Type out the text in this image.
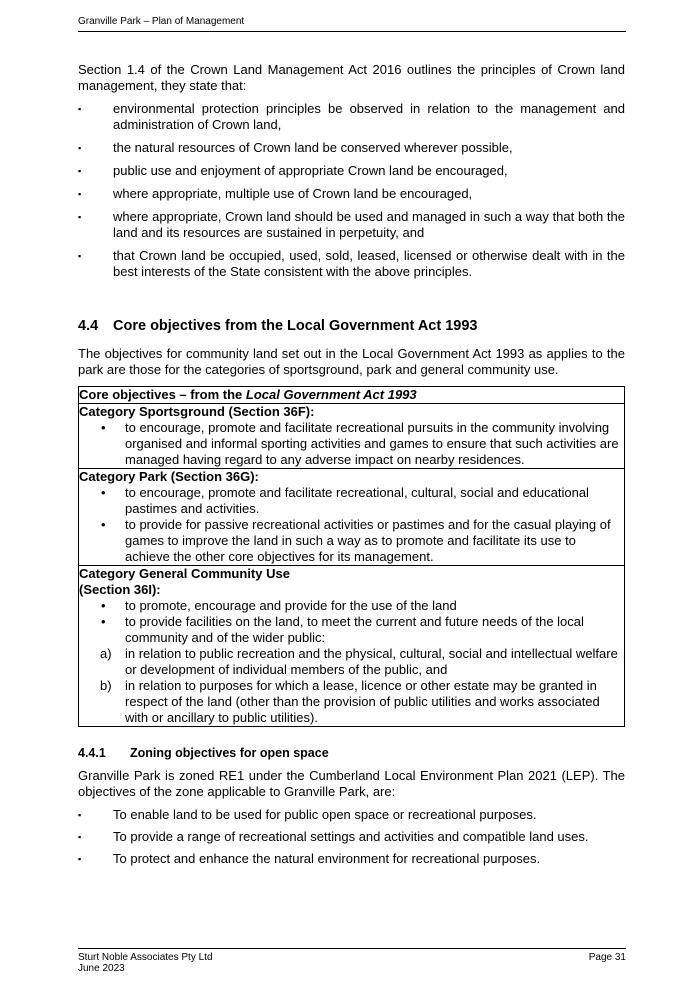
Granville Park – Plan of Management

Section 1.4 of the Crown Land Management Act 2016 outlines the principles of Crown land management, they state that:

▪	environmental protection principles be observed in relation to the management and administration of Crown land,
▪	the natural resources of Crown land be conserved wherever possible,
▪	public use and enjoyment of appropriate Crown land be encouraged,
▪	where appropriate, multiple use of Crown land be encouraged,
▪	where appropriate, Crown land should be used and managed in such a way that both the land and its resources are sustained in perpetuity, and
▪	that Crown land be occupied, used, sold, leased, licensed or otherwise dealt with in the best interests of the State consistent with the above principles.
4.4 Core objectives from the Local Government Act 1993

The objectives for community land set out in the Local Government Act 1993 as applies to the park are those for the categories of sportsground, park and general community use.

Core objectives – from the Local Government Act 1993

Category Sportsground (Section 36F):
• to encourage, promote and facilitate recreational pursuits in the community involving organised and informal sporting activities and games to ensure that such activities are managed having regard to any adverse impact on nearby residences.

Category Park (Section 36G):
• to encourage, promote and facilitate recreational, cultural, social and educational pastimes and activities.
• to provide for passive recreational activities or pastimes and for the casual playing of games to improve the land in such a way as to promote and facilitate its use to achieve the other core objectives for its management.

Category General Community Use (Section 36I):
• to promote, encourage and provide for the use of the land
• to provide facilities on the land, to meet the current and future needs of the local community and of the wider public:
a) in relation to public recreation and the physical, cultural, social and intellectual welfare or development of individual members of the public, and
b) in relation to purposes for which a lease, licence or other estate may be granted in respect of the land (other than the provision of public utilities and works associated with or ancillary to public utilities).
4.4.1 Zoning objectives for open space

Granville Park is zoned RE1 under the Cumberland Local Environment Plan 2021 (LEP). The objectives of the zone applicable to Granville Park, are:

▪	To enable land to be used for public open space or recreational purposes.
▪	To provide a range of recreational settings and activities and compatible land uses.
▪	To protect and enhance the natural environment for recreational purposes.
Sturt Noble Associates Pty Ltd
June 2023
Page 31
